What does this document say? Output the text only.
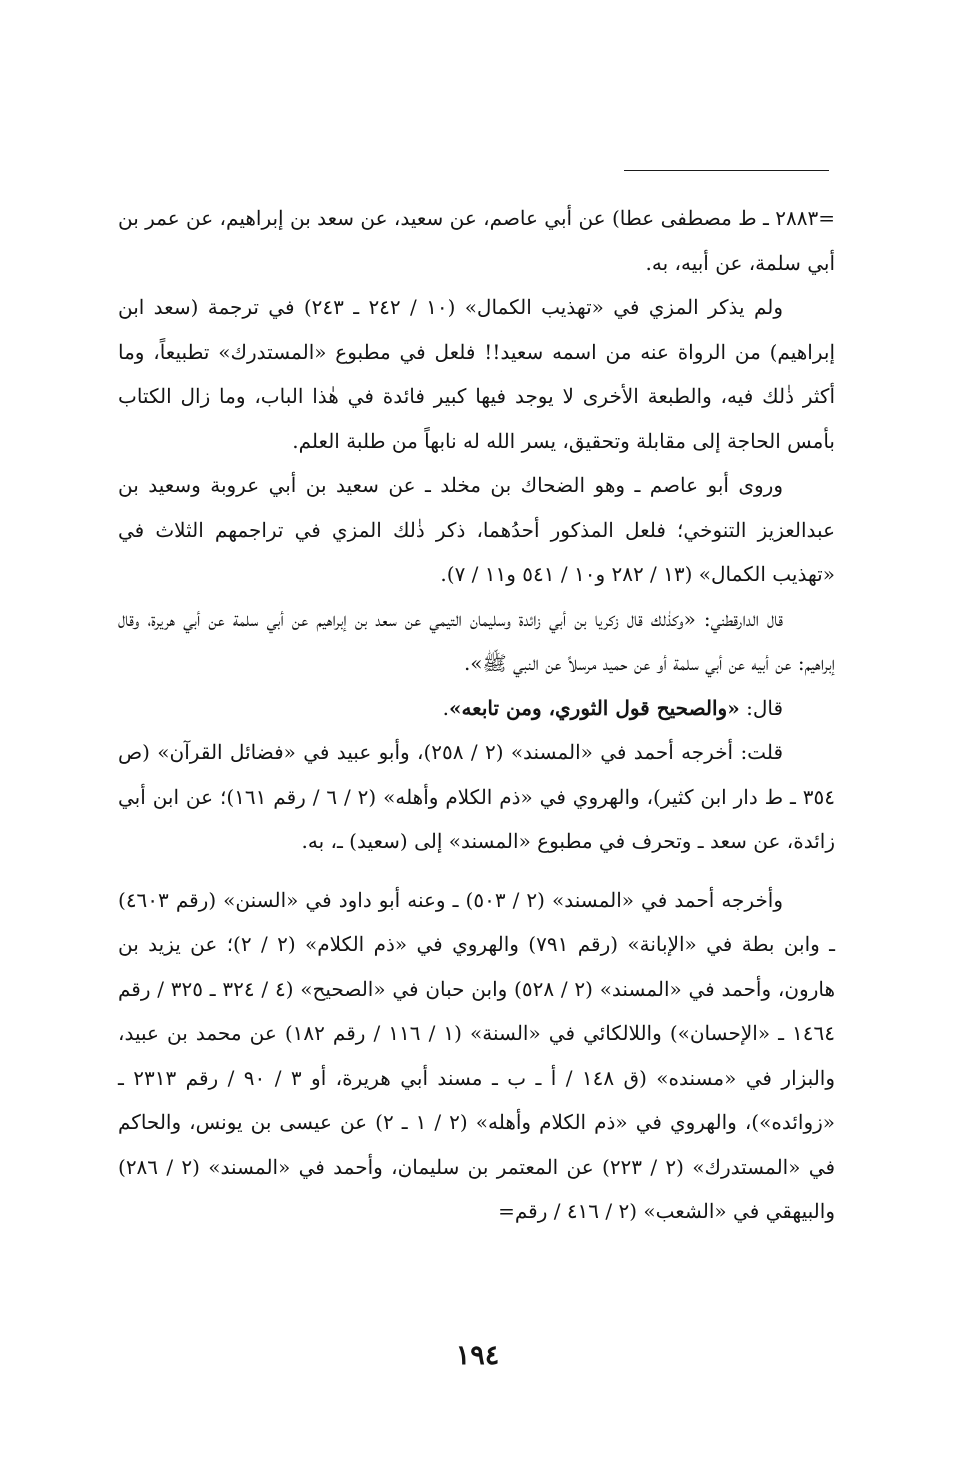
=٢٨٨٣ ـ ط مصطفى عطا) عن أبي عاصم، عن سعيد، عن سعد بن إبراهيم، عن عمر بن أبي سلمة، عن أبيه، به.

ولم يذكر المزي في «تهذيب الكمال» (١٠ / ٢٤٢ ـ ٢٤٣) في ترجمة (سعد ابن إبراهيم) من الرواة عنه من اسمه سعيد!! فلعل في مطبوع «المستدرك» تطبيعاً، وما أكثر ذٰلك فيه، والطبعة الأخرى لا يوجد فيها كبير فائدة في هٰذا الباب، وما زال الكتاب بأمس الحاجة إلى مقابلة وتحقيق، يسر الله له نابهاً من طلبة العلم.

وروى أبو عاصم ـ وهو الضحاك بن مخلد ـ عن سعيد بن أبي عروبة وسعيد بن عبدالعزيز التنوخي؛ فلعل المذكور أحدُهما، ذكر ذٰلك المزي في تراجمهم الثلاث في «تهذيب الكمال» (١٣ / ٢٨٢ و١٠ / ٥٤١ و١١ / ٧).

قال الدارقطني: «وكذٰلك قال زكريا بن أبي زائدة وسليمان التيمي عن سعد بن إبراهيم عن أبي سلمة عن أبي هريرة، وقال إبراهيم: عن أبيه عن أبي سلمة أو عن حميد مرسلاً عن النبي ﷺ».

قال: «والصحيح قول الثوري، ومن تابعه».

قلت: أخرجه أحمد في «المسند» (٢ / ٢٥٨)، وأبو عبيد في «فضائل القرآن» (ص ٣٥٤ ـ ط دار ابن كثير)، والهروي في «ذم الكلام وأهله» (٢ / ٦ / رقم ١٦١)؛ عن ابن أبي زائدة، عن سعد ـ وتحرف في مطبوع «المسند» إلى (سعيد) ـ، به.

وأخرجه أحمد في «المسند» (٢ / ٥٠٣) ـ وعنه أبو داود في «السنن» (رقم ٤٦٠٣) ـ وابن بطة في «الإبانة» (رقم ٧٩١) والهروي في «ذم الكلام» (٢ / ٢)؛ عن يزيد بن هارون، وأحمد في «المسند» (٢ / ٥٢٨) وابن حبان في «الصحيح» (٤ / ٣٢٤ ـ ٣٢٥ / رقم ١٤٦٤ ـ «الإحسان») واللالكائي في «السنة» (١ / ١١٦ / رقم ١٨٢) عن محمد بن عبيد، والبزار في «مسنده» (ق ١٤٨ / أ ـ ب ـ مسند أبي هريرة، أو ٣ / ٩٠ / رقم ٢٣١٣ ـ «زوائده»)، والهروي في «ذم الكلام وأهله» (٢ / ١ ـ ٢) عن عيسى بن يونس، والحاكم في «المستدرك» (٢ / ٢٢٣) عن المعتمر بن سليمان، وأحمد في «المسند» (٢ / ٢٨٦) والبيهقي في «الشعب» (٢ / ٤١٦ / رقم=

١٩٤
